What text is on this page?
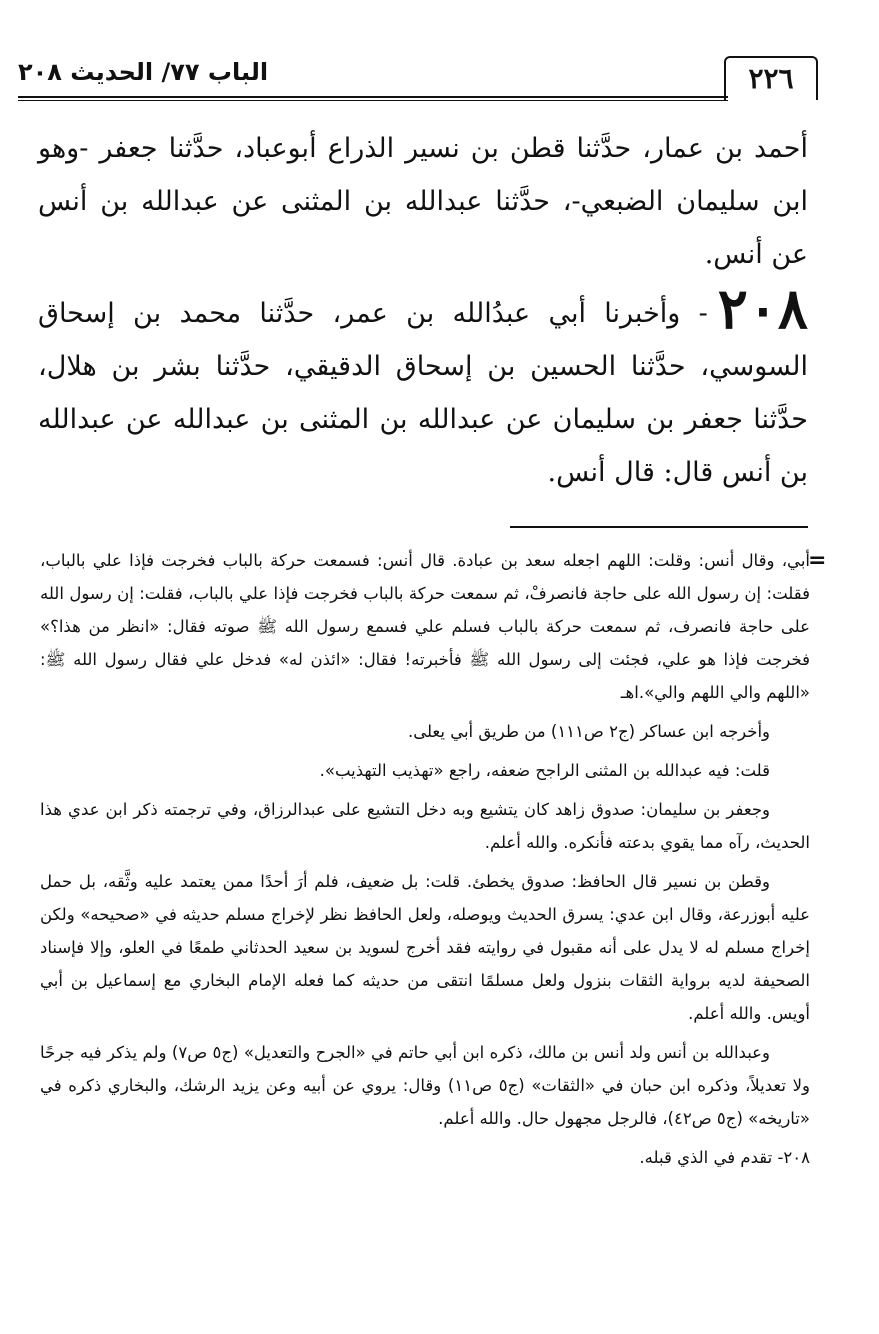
٢٢٦
الباب ٧٧/ الحديث ٢٠٨

أحمد بن عمار، حدَّثنا قطن بن نسير الذراع أبوعباد، حدَّثنا جعفر -وهو ابن سليمان الضبعي-، حدَّثنا عبدالله بن المثنى عن عبدالله بن أنس عن أنس.

٢٠٨- وأخبرنا أبي عبدُالله بن عمر، حدَّثنا محمد بن إسحاق السوسي، حدَّثنا الحسين بن إسحاق الدقيقي، حدَّثنا بشر بن هلال، حدَّثنا جعفر بن سليمان عن عبدالله بن المثنى بن عبدالله عن عبدالله بن أنس قال: قال أنس.

=

أبي، وقال أنس: وقلت: اللهم اجعله سعد بن عبادة. قال أنس: فسمعت حركة بالباب فخرجت فإذا علي بالباب، فقلت: إن رسول الله على حاجة فانصرفْ، ثم سمعت حركة بالباب فخرجت فإذا علي بالباب، فقلت: إن رسول الله على حاجة فانصرف، ثم سمعت حركة بالباب فسلم علي فسمع رسول الله ﷺ صوته فقال: «انظر من هذا؟» فخرجت فإذا هو علي، فجئت إلى رسول الله ﷺ فأخبرته! فقال: «ائذن له» فدخل علي فقال رسول الله ﷺ: «اللهم والي اللهم والي».اهـ

وأخرجه ابن عساكر (ج٢ ص١١١) من طريق أبي يعلى.

قلت: فيه عبدالله بن المثنى الراجح ضعفه، راجع «تهذيب التهذيب».

وجعفر بن سليمان: صدوق زاهد كان يتشيع وبه دخل التشيع على عبدالرزاق، وفي ترجمته ذكر ابن عدي هذا الحديث، رآه مما يقوي بدعته فأنكره. والله أعلم.

وقطن بن نسير قال الحافظ: صدوق يخطئ. قلت: بل ضعيف، فلم أرَ أحدًا ممن يعتمد عليه وثَّقه، بل حمل عليه أبوزرعة، وقال ابن عدي: يسرق الحديث ويوصله، ولعل الحافظ نظر لإخراج مسلم حديثه في «صحيحه» ولكن إخراج مسلم له لا يدل على أنه مقبول في روايته فقد أخرج لسويد بن سعيد الحدثاني طمعًا في العلو، وإلا فإسناد الصحيفة لديه برواية الثقات بنزول ولعل مسلمًا انتقى من حديثه كما فعله الإمام البخاري مع إسماعيل بن أبي أويس. والله أعلم.

وعبدالله بن أنس ولد أنس بن مالك، ذكره ابن أبي حاتم في «الجرح والتعديل» (ج٥ ص٧) ولم يذكر فيه جرحًا ولا تعديلاً، وذكره ابن حبان في «الثقات» (ج٥ ص١١) وقال: يروي عن أبيه وعن يزيد الرشك، والبخاري ذكره في «تاريخه» (ج٥ ص٤٢)، فالرجل مجهول حال. والله أعلم.

٢٠٨- تقدم في الذي قبله.
